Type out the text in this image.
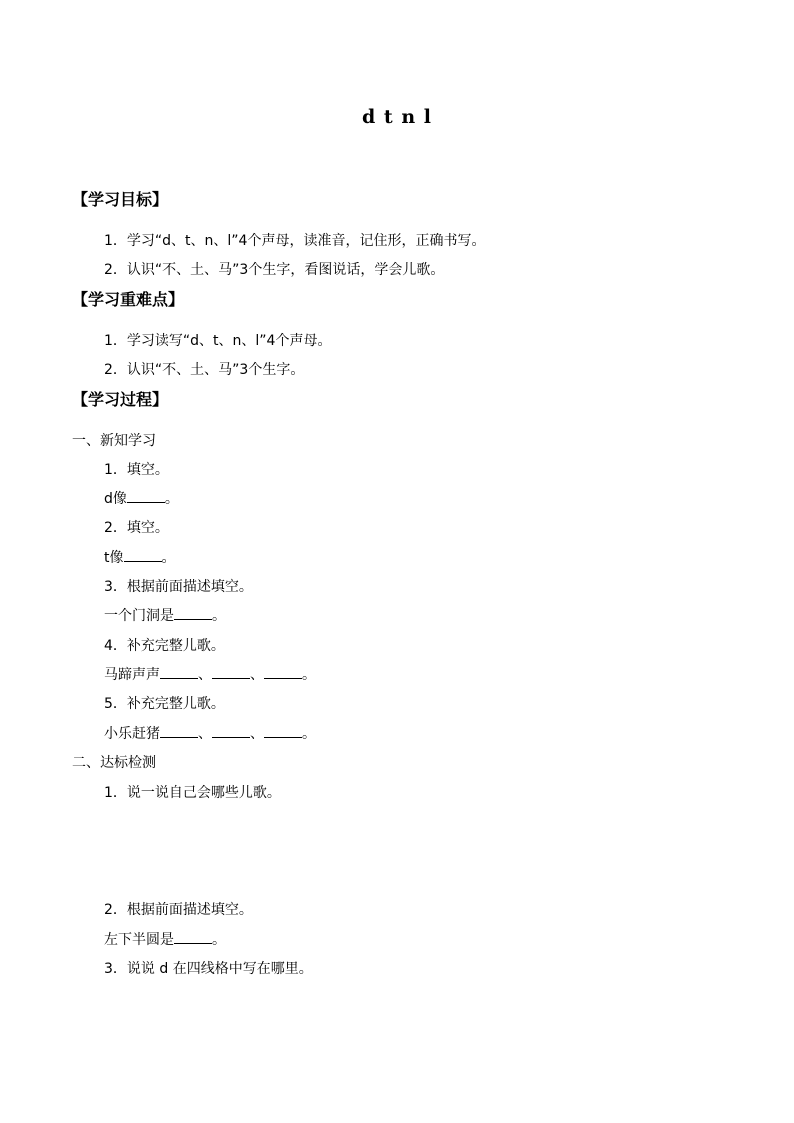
d t n l
【学习目标】
1．学习“d、t、n、l”4个声母，读准音，记住形，正确书写。
2．认识“不、土、马”3个生字，看图说话，学会儿歌。
【学习重难点】
1．学习读写“d、t、n、l”4个声母。
2．认识“不、土、马”3个生字。
【学习过程】
一、新知学习
1．填空。
d像	。
2．填空。
t像	。
3．根据前面描述填空。
一个门洞是	。
4．补充完整儿歌。
马蹄声声	、	、	。
5．补充完整儿歌。
小乐赶猪	、	、	。
二、达标检测
1．说一说自己会哪些儿歌。
2．根据前面描述填空。
左下半圆是	。
3．说说 d 在四线格中写在哪里。
